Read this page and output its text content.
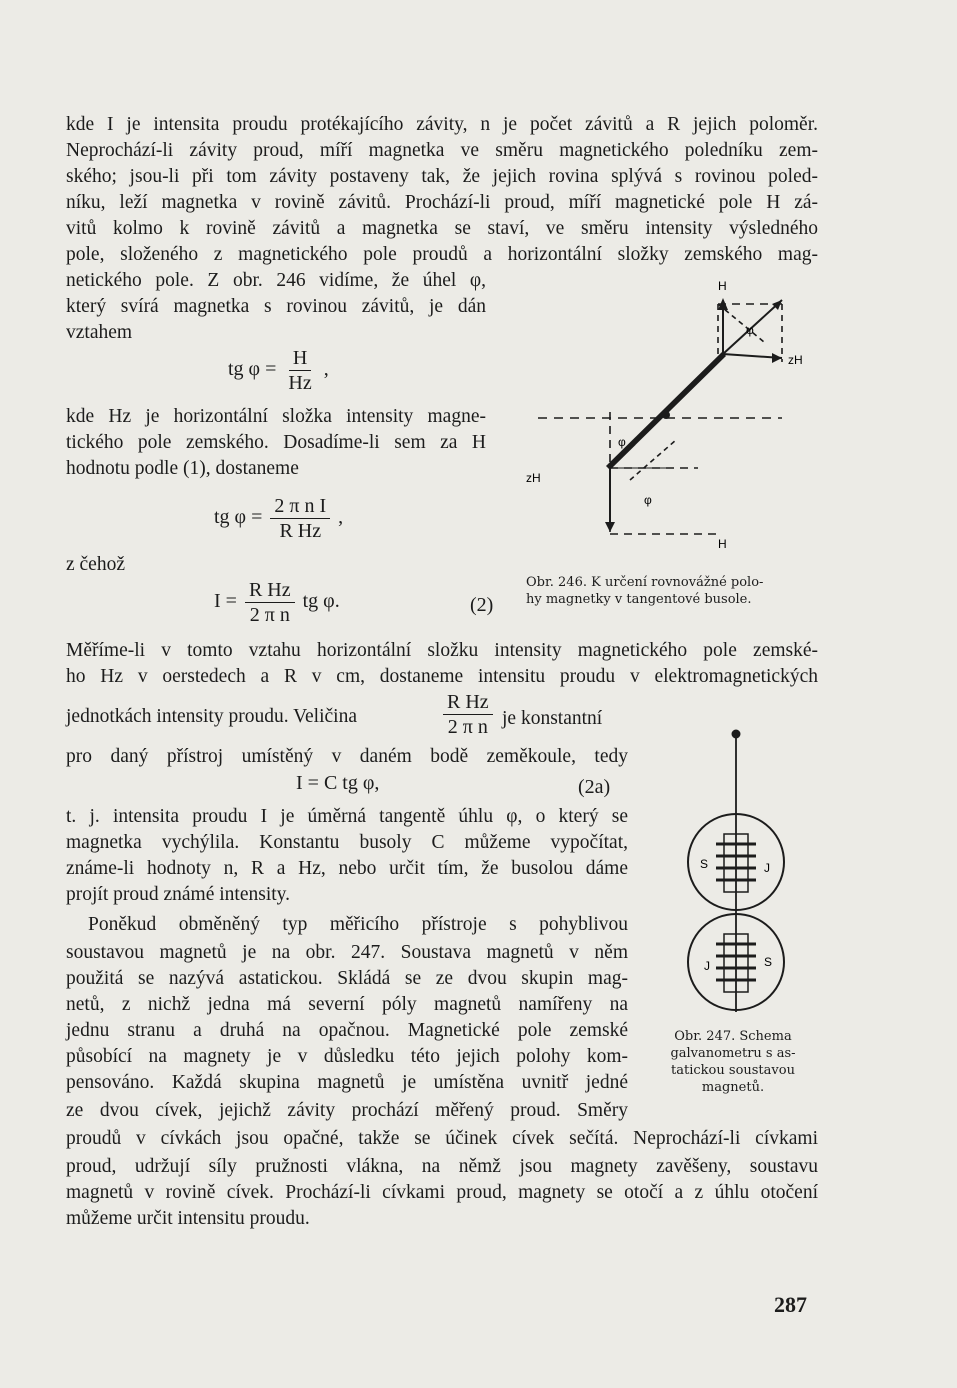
kde I je intensita proudu protékajícího závity, n je počet závitů a R jejich poloměr.
Neprochází-li závity proud, míří magnetka ve směru magnetického poledníku zem-
ského; jsou-li při tom závity postaveny tak, že jejich rovina splývá s rovinou poled-
níku, leží magnetka v rovině závitů. Prochází-li proud, míří magnetické pole H zá-
vitů kolmo k rovině závitů a magnetka se staví, ve směru intensity výsledného
pole, složeného z magnetického pole proudů a horizontální složky zemského mag-
netického pole. Z obr. 246 vidíme, že úhel φ,
který svírá magnetka s rovinou závitů, je dán
vztahem
tg $\varphi = \frac{H}{Hz}$ ,
kde Hz je horizontální složka intensity magne-
tického pole zemského. Dosadíme-li sem za H
hodnotu podle (1), dostaneme
tg $\varphi = \frac{\text{2 π n I}}{\text{R Hz}}$ ,
z čehož
$I = \frac{\text{R Hz}}{\text{2 π n}}$ tg φ.	(2)
Měříme-li v tomto vztahu horizontální složku intensity magnetického pole zemské-
ho Hz v oerstedech a R v cm, dostaneme intensitu proudu v elektromagnetických
jednotkách intensity proudu. Veličina	$\frac{\text{R Hz}}{\text{2 π n}}$ je konstantní
pro daný přístroj umístěný v daném bodě zeměkoule, tedy
I = C tg φ,	(2a)
t. j. intensita proudu I je úměrná tangentě úhlu φ, o který se
magnetka vychýlila. Konstantu busoly C můžeme vypočítat,
známe-li hodnoty n, R a Hz, nebo určit tím, že busolou dáme
projít proud známé intensity.
Poněkud obměněný typ měřicího přístroje s pohyblivou
soustavou magnetů je na obr. 247. Soustava magnetů v něm
použitá se nazývá astatickou. Skládá se ze dvou skupin mag-
netů, z nichž jedna má severní póly magnetů namířeny na
jednu stranu a druhá na opačnou. Magnetické pole zemské
působící na magnety je v důsledku této jejich polohy kom-
pensováno. Každá skupina magnetů je umístěna uvnitř jedné
ze dvou cívek, jejichž závity prochází měřený proud. Směry
proudů v cívkách jsou opačné, takže se účinek cívek sečítá. Neprochází-li cívkami
proud, udržují síly pružnosti vlákna, na němž jsou magnety zavěšeny, soustavu
magnetů v rovině cívek. Prochází-li cívkami proud, magnety se otočí a z úhlu otočení
můžeme určit intensitu proudu.
H
zH
zH
H
φ
φ
φ
Obr. 246. K určení rovnovážné polo-
hy magnetky v tangentové busole.
S	J
J	S
Obr. 247. Schema
galvanometru s as-
tatickou soustavou
magnetů.
287
